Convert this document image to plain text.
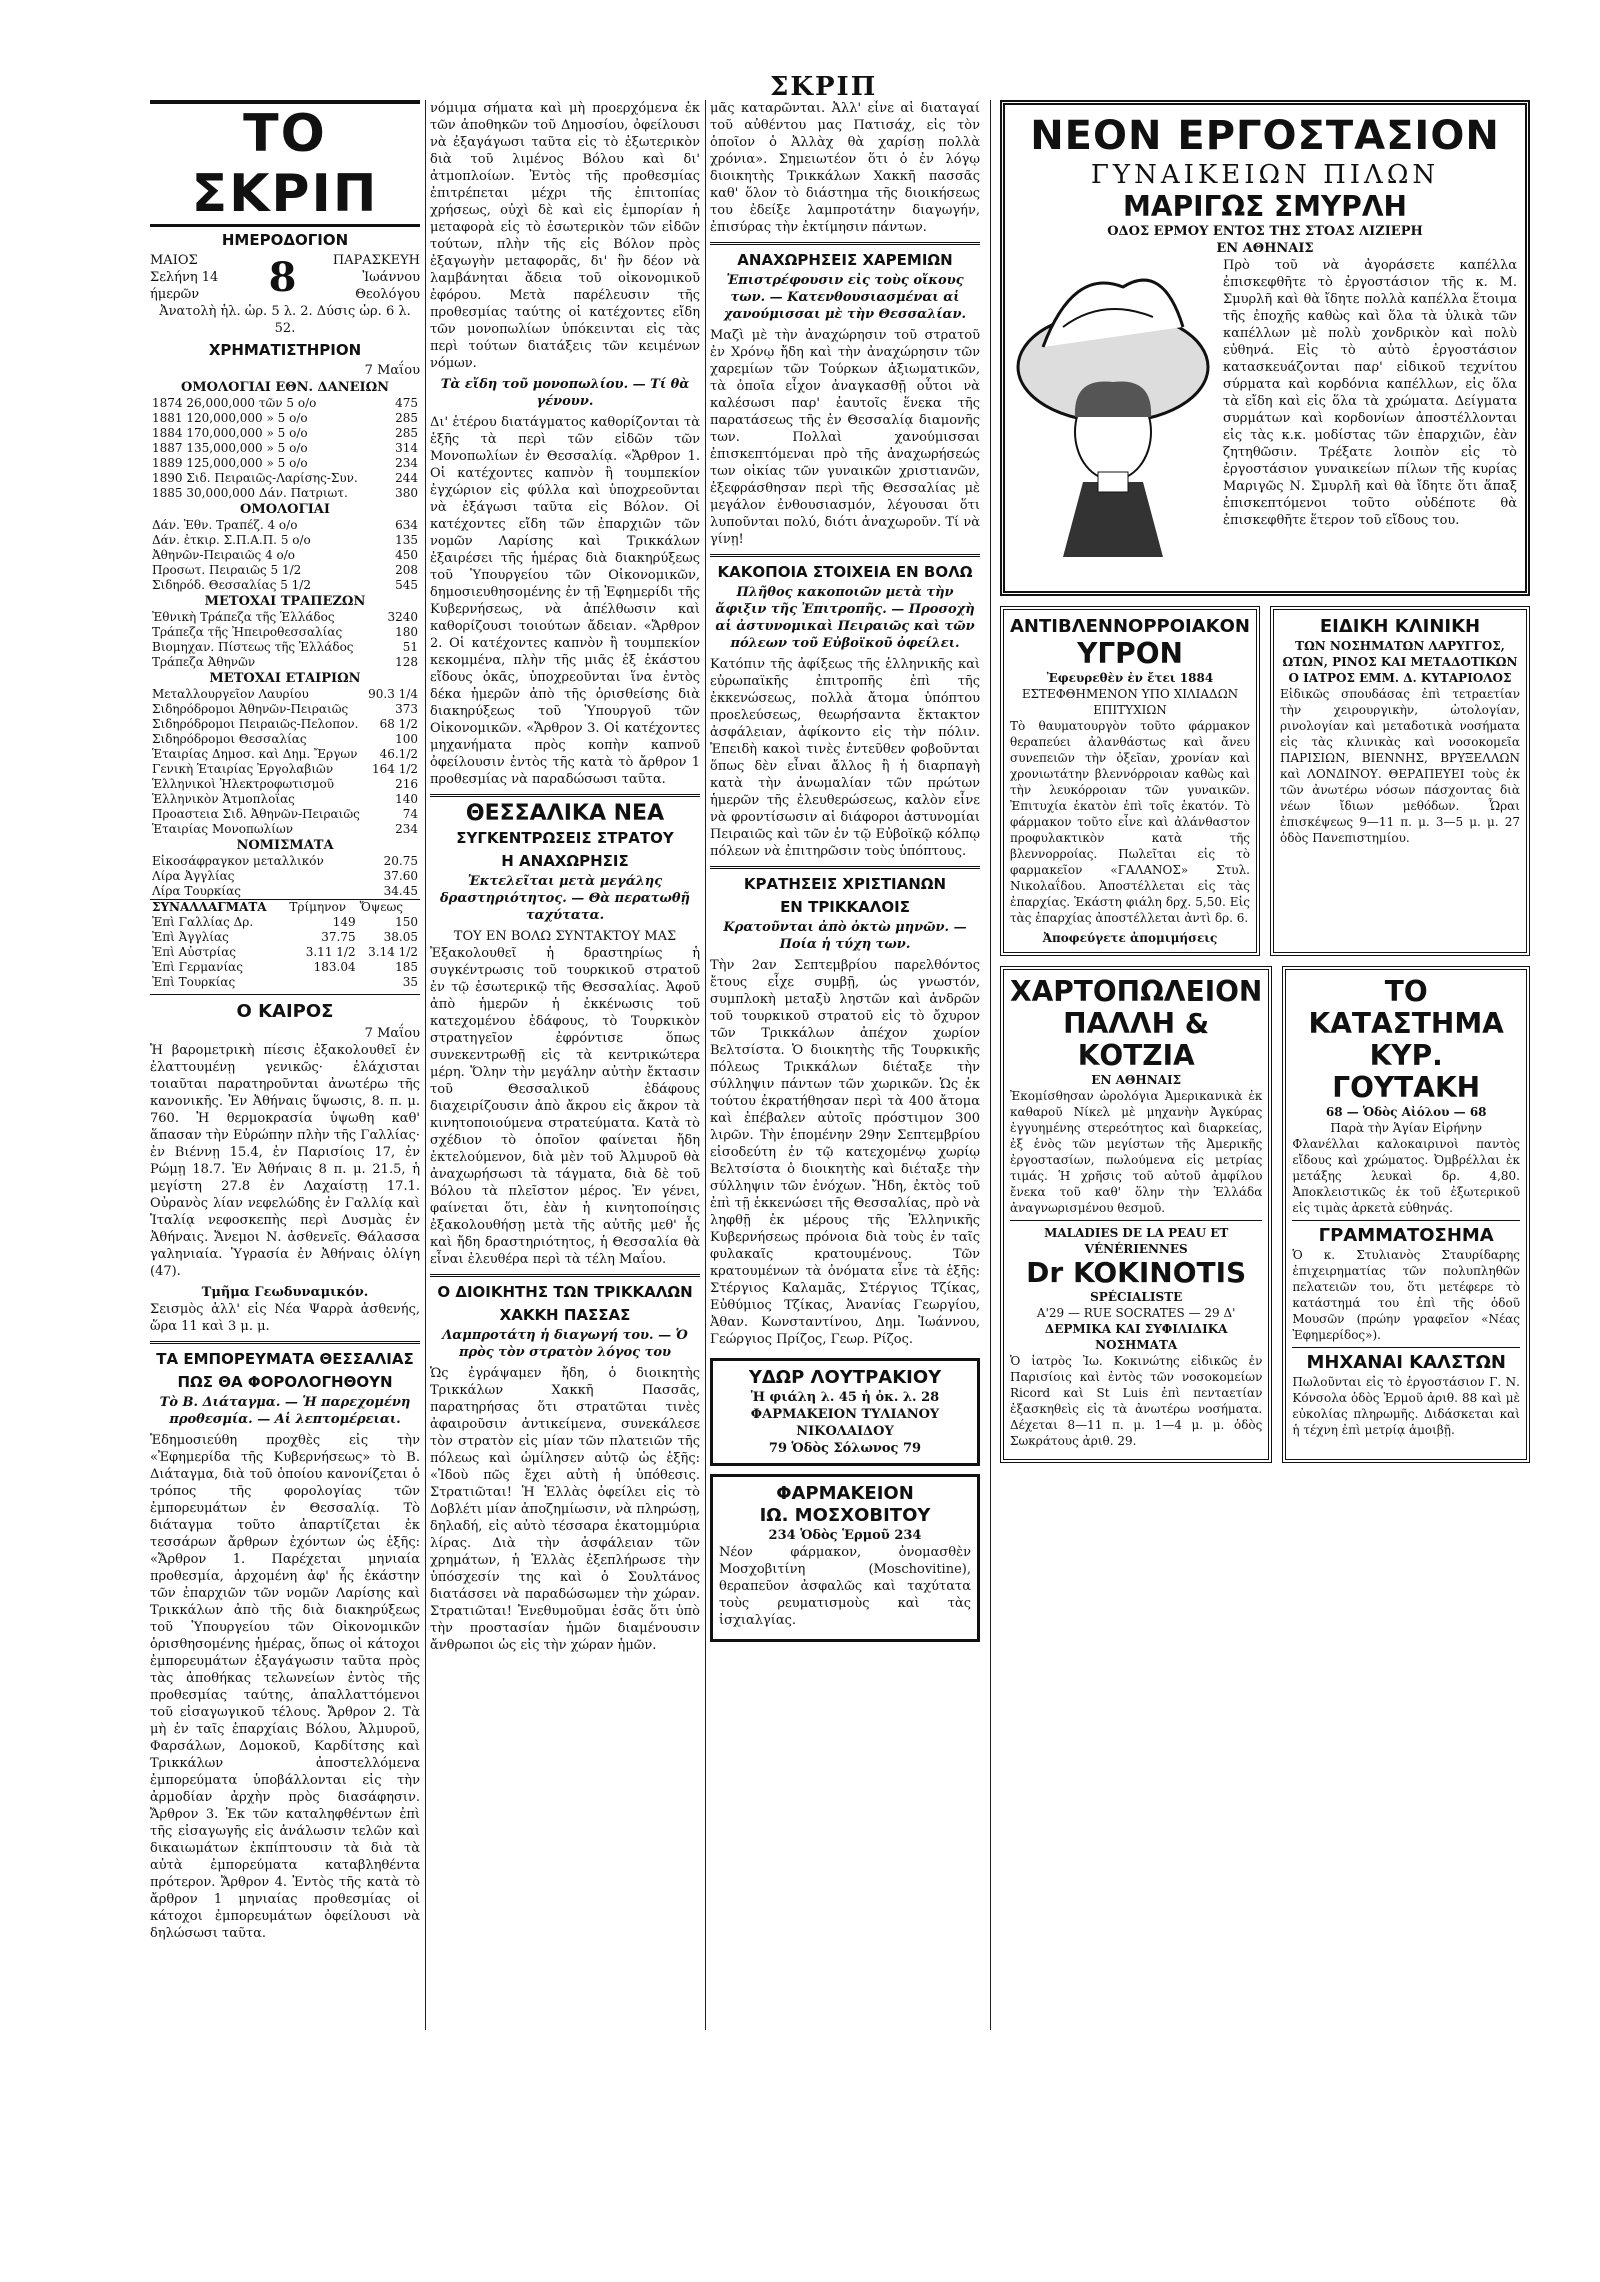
ΣΚΡΙΠ
ΤΟ ΣΚΡΙΠ
ΗΜΕΡΟΔΟΓΙΟΝ
ΜΑΙΟΣ
Σελήνη 14 ήμερῶν	8	ΠΑΡΑΣΚΕΥΗ
Ἰωάννου Θεολόγου
Ἀνατολὴ ἡλ. ὡρ. 5 λ. 2. Δύσις ὡρ. 6 λ. 52.
ΧΡΗΜΑΤΙΣΤΗΡΙΟΝ
7 Μαΐου
ΟΜΟΛΟΓΙΑΙ ΕΘΝ. ΔΑΝΕΙΩΝ
1874 26,000,000 τῶν 5 ο/ο	475
1881 120,000,000 » 5 ο/ο	285
1884 170,000,000 » 5 ο/ο	285
1887 135,000,000 » 5 ο/ο	314
1889 125,000,000 » 5 ο/ο	234
1890 Σιδ. Πειραιῶς-Λαρίσης-Συν.	244
1885 30,000,000 Δάν. Πατριωτ.	380
ΟΜΟΛΟΓΙΑΙ
Δάν. Ἐθν. Τραπέζ. 4 ο/ο	634
Δάν. ἐτκιρ. Σ.Π.Α.Π. 5 ο/ο	135
Ἀθηνῶν-Πειραιῶς 4 ο/ο	450
Προσωτ. Πειραιῶς 5 1/2	208
Σιδηρόδ. Θεσσαλίας 5 1/2	545
ΜΕΤΟΧΑΙ ΤΡΑΠΕΖΩΝ
Ἐθνικὴ Τράπεζα τῆς Ἑλλάδος	3240
Τράπεζα τῆς Ἠπειροθεσσαλίας	180
Βιομηχαν. Πίστεως τῆς Ἑλλάδος	51
Τράπεζα Ἀθηνῶν	128
ΜΕΤΟΧΑΙ ΕΤΑΙΡΙΩΝ
Μεταλλουργεῖον Λαυρίου	90.3 1/4
Σιδηρόδρομοι Ἀθηνῶν-Πειραιῶς	373
Σιδηρόδρομοι Πειραιῶς-Πελοπον.	68 1/2
Σιδηρόδρομοι Θεσσαλίας	100
Ἑταιρίας Δημοσ. καὶ Δημ. Ἔργων	46.1/2
Γενικὴ Ἑταιρίας Ἐργολαβιῶν	164 1/2
Ἑλληνικοὶ Ἠλεκτροφωτισμοῦ	216
Ἑλληνικὸν Ἀτμοπλοΐας	140
Προαστεια Σιδ. Ἀθηνῶν-Πειραιῶς	74
Ἑταιρίας Μονοπωλίων	234
ΝΟΜΙΣΜΑΤΑ
Εἰκοσάφραγκον μεταλλικόν	20.75
Λίρα Ἀγγλίας	37.60
Λίρα Τουρκίας	34.45
ΣΥΝΑΛΛΑΓΜΑΤΑ	Τρίμηνον	Ὄψεως
Ἐπὶ Γαλλίας Δρ.	149	150
Ἐπὶ Ἀγγλίας	37.75	38.05
Ἐπὶ Αὐστρίας	3.11 1/2	3.14 1/2
Ἐπὶ Γερμανίας	183.04	185
Ἐπὶ Τουρκίας		35
Ο ΚΑΙΡΟΣ
7 Μαΐου

Ἡ βαρομετρικὴ πίεσις ἐξακολουθεῖ ἐν ἐλαττουμένῃ γενικῶς· ἐλάχισται τοιαῦται παρατηροῦνται ἀνωτέρω τῆς κανονικῆς. Ἐν Ἀθήναις ὕψωσις, 8. π. μ. 760. Ἡ θερμοκρασία ὑψωθη καθ' ἅπασαν τὴν Εὐρώπην πλὴν τῆς Γαλλίας· ἐν Βιέννῃ 15.4, ἐν Παρισίοις 17, ἐν Ρώμῃ 18.7. Ἐν Ἀθήναις 8 π. μ. 21.5, ἡ μεγίστη 27.8 ἐν Λαχαίστῃ 17.1. Οὐρανὸς λίαν νεφελώδης ἐν Γαλλίᾳ καὶ Ἰταλίᾳ νεφοσκεπὴς περὶ Δυσμὰς ἐν Ἀθήναις. Ἄνεμοι Ν. ἀσθενεῖς. Θάλασσα γαληνιαία. Ὑγρασία ἐν Ἀθήναις ὀλίγη (47).

Τμῆμα Γεωδυναμικόν.

Σεισμὸς ἀλλ' εἰς Νέα Ψαρρὰ ἀσθενής, ὥρα 11 καὶ 3 μ. μ.

ΤΑ ΕΜΠΟΡΕΥΜΑΤΑ ΘΕΣΣΑΛΙΑΣ
ΠΩΣ ΘΑ ΦΟΡΟΛΟΓΗΘΟΥΝ
Τὸ Β. Διάταγμα. — Ἡ παρεχομένη προθεσμία. — Αἱ λεπτομέρειαι.

Ἐδημοσιεύθη προχθὲς εἰς τὴν «Ἐφημερίδα τῆς Κυβερνήσεως» τὸ Β. Διάταγμα, διὰ τοῦ ὁποίου κανονίζεται ὁ τρόπος τῆς φορολογίας τῶν ἐμπορευμάτων ἐν Θεσσαλίᾳ. Τὸ διάταγμα τοῦτο ἀπαρτίζεται ἐκ τεσσάρων ἄρθρων ἐχόντων ὡς ἑξῆς: «Ἄρθρον 1. Παρέχεται μηνιαία προθεσμία, ἀρχομένη ἀφ' ἧς ἑκάστην τῶν ἐπαρχιῶν τῶν νομῶν Λαρίσης καὶ Τρικκάλων ἀπὸ τῆς διὰ διακηρύξεως τοῦ Ὑπουργείου τῶν Οἰκονομικῶν ὁρισθησομένης ἡμέρας, ὅπως οἱ κάτοχοι ἐμπορευμάτων ἐξαγάγωσιν ταῦτα πρὸς τὰς ἀποθήκας τελωνείων ἐντὸς τῆς προθεσμίας ταύτης, ἀπαλλαττόμενοι τοῦ εἰσαγωγικοῦ τέλους. Ἄρθρον 2. Τὰ μὴ ἐν ταῖς ἐπαρχίαις Βόλου, Ἀλμυροῦ, Φαρσάλων, Δομοκοῦ, Καρδίτσης καὶ Τρικκάλων ἀποστελλόμενα ἐμπορεύματα ὑποβάλλονται εἰς τὴν ἀρμοδίαν ἀρχὴν πρὸς διασάφησιν. Ἄρθρον 3. Ἐκ τῶν καταληφθέντων ἐπὶ τῆς εἰσαγωγῆς εἰς ἀνάλωσιν τελῶν καὶ δικαιωμάτων ἐκπίπτουσιν τὰ διὰ τὰ αὐτὰ ἐμπορεύματα καταβληθέντα πρότερον. Ἄρθρον 4. Ἐντὸς τῆς κατὰ τὸ ἄρθρον 1 μηνιαίας προθεσμίας οἱ κάτοχοι ἐμπορευμάτων ὀφείλουσι νὰ δηλώσωσι ταῦτα.

νόμιμα σήματα καὶ μὴ προερχόμενα ἐκ τῶν ἀποθηκῶν τοῦ Δημοσίου, ὀφείλουσι νὰ ἐξαγάγωσι ταῦτα εἰς τὸ ἐξωτερικὸν διὰ τοῦ λιμένος Βόλου καὶ δι' ἀτμοπλοίων. Ἐντὸς τῆς προθεσμίας ἐπιτρέπεται μέχρι τῆς ἐπιτοπίας χρήσεως, οὐχὶ δὲ καὶ εἰς ἐμπορίαν ἡ μεταφορὰ εἰς τὸ ἐσωτερικὸν τῶν εἰδῶν τούτων, πλὴν τῆς εἰς Βόλον πρὸς ἐξαγωγὴν μεταφορᾶς, δι' ἣν δέον νὰ λαμβάνηται ἄδεια τοῦ οἰκονομικοῦ ἐφόρου. Μετὰ παρέλευσιν τῆς προθεσμίας ταύτης οἱ κατέχοντες εἴδη τῶν μονοπωλίων ὑπόκεινται εἰς τὰς περὶ τούτων διατάξεις τῶν κειμένων νόμων.

Τὰ εἴδη τοῦ μονοπωλίου. — Τί θὰ γένουν.

Δι' ἑτέρου διατάγματος καθορίζονται τὰ ἑξῆς τὰ περὶ τῶν εἰδῶν τῶν Μονοπωλίων ἐν Θεσσαλίᾳ. «Ἄρθρον 1. Οἱ κατέχοντες καπνὸν ἢ τουμπεκίον ἐγχώριον εἰς φύλλα καὶ ὑποχρεοῦνται νὰ ἐξάγωσι ταῦτα εἰς Βόλον. Οἱ κατέχοντες εἴδη τῶν ἐπαρχιῶν τῶν νομῶν Λαρίσης καὶ Τρικκάλων ἐξαιρέσει τῆς ἡμέρας διὰ διακηρύξεως τοῦ Ὑπουργείου τῶν Οἰκονομικῶν, δημοσιευθησομένης ἐν τῇ Ἐφημερίδι τῆς Κυβερνήσεως, νὰ ἀπέλθωσιν καὶ καθορίζουσι τοιούτων ἄδειαν. «Ἄρθρον 2. Οἱ κατέχοντες καπνὸν ἢ τουμπεκίον κεκομμένα, πλὴν τῆς μιᾶς ἐξ ἑκάστου εἴδους ὀκᾶς, ὑποχρεοῦνται ἵνα ἐντὸς δέκα ἡμερῶν ἀπὸ τῆς ὁρισθείσης διὰ διακηρύξεως τοῦ Ὑπουργοῦ τῶν Οἰκονομικῶν. «Ἄρθρον 3. Οἱ κατέχοντες μηχανήματα πρὸς κοπὴν καπνοῦ ὀφείλουσιν ἐντὸς τῆς κατὰ τὸ ἄρθρον 1 προθεσμίας νὰ παραδώσωσι ταῦτα.

ΘΕΣΣΑΛΙΚΑ ΝΕΑ
ΣΥΓΚΕΝΤΡΩΣΕΙΣ ΣΤΡΑΤΟΥ
Η ΑΝΑΧΩΡΗΣΙΣ
Ἐκτελεῖται μετὰ μεγάλης δραστηριότητος. — Θὰ περατωθῇ ταχύτατα.
ΤΟΥ ΕΝ ΒΟΛΩ ΣΥΝΤΑΚΤΟΥ ΜΑΣ

Ἐξακολουθεῖ ἡ δραστηρίως ἡ συγκέντρωσις τοῦ τουρκικοῦ στρατοῦ ἐν τῷ ἐσωτερικῷ τῆς Θεσσαλίας. Ἀφοῦ ἀπὸ ἡμερῶν ἡ ἐκκένωσις τοῦ κατεχομένου ἐδάφους, τὸ Τουρκικὸν στρατηγεῖον ἐφρόντισε ὅπως συνεκεντρωθῇ εἰς τὰ κεντρικώτερα μέρη. Ὅλην τὴν μεγάλην αὐτὴν ἔκτασιν τοῦ Θεσσαλικοῦ ἐδάφους διαχειρίζουσιν ἀπὸ ἄκρου εἰς ἄκρον τὰ κινητοποιούμενα στρατεύματα. Κατὰ τὸ σχέδιον τὸ ὁποῖον φαίνεται ἤδη ἐκτελούμενον, διὰ μὲν τοῦ Ἀλμυροῦ θὰ ἀναχωρήσωσι τὰ τάγματα, διὰ δὲ τοῦ Βόλου τὰ πλεῖστον μέρος. Ἐν γένει, φαίνεται ὅτι, ἐὰν ἡ κινητοποίησις ἐξακολουθήσῃ μετὰ τῆς αὐτῆς μεθ' ἧς καὶ ἤδη δραστηριότητος, ἡ Θεσσαλία θὰ εἶναι ἐλευθέρα περὶ τὰ τέλη Μαΐου.

Ο ΔΙΟΙΚΗΤΗΣ ΤΩΝ ΤΡΙΚΚΑΛΩΝ
ΧΑΚΚΗ ΠΑΣΣΑΣ
Λαμπροτάτη ἡ διαγωγή του. — Ὁ πρὸς τὸν στρατὸν λόγος του

Ὡς ἐγράψαμεν ἤδη, ὁ διοικητὴς Τρικκάλων Χακκῆ Πασσᾶς, παρατηρήσας ὅτι στρατῶται τινὲς ἀφαιροῦσιν ἀντικείμενα, συνεκάλεσε τὸν στρατὸν εἰς μίαν τῶν πλατειῶν τῆς πόλεως καὶ ὡμίλησεν αὐτῷ ὡς ἑξῆς: «Ἰδοὺ πῶς ἔχει αὐτὴ ἡ ὑπόθεσις. Στρατιῶται! Ἡ Ἑλλὰς ὀφείλει εἰς τὸ Δοβλέτι μίαν ἀποζημίωσιν, νὰ πληρώσῃ, δηλαδή, εἰς αὐτὸ τέσσαρα ἑκατομμύρια λίρας. Διὰ τὴν ἀσφάλειαν τῶν χρημάτων, ἡ Ἑλλὰς ἐξεπλήρωσε τὴν ὑπόσχεσίν της καὶ ὁ Σουλτάνος διατάσσει νὰ παραδώσωμεν τὴν χώραν. Στρατιῶται! Ἐνεθυμοῦμαι ἐσᾶς ὅτι ὑπὸ τὴν προστασίαν ἡμῶν διαμένουσιν ἄνθρωποι ὡς εἰς τὴν χώραν ἡμῶν.

μᾶς καταρῶνται. Ἀλλ' εἶνε αἱ διαταγαί τοῦ αὐθέντου μας Πατισάχ, εἰς τὸν ὁποῖον ὁ Ἀλλὰχ θὰ χαρίσῃ πολλὰ χρόνια». Σημειωτέον ὅτι ὁ ἐν λόγῳ διοικητὴς Τρικκάλων Χακκῆ πασσᾶς καθ' ὅλον τὸ διάστημα τῆς διοικήσεως του ἐδείξε λαμπροτάτην διαγωγήν, ἐπισύρας τὴν ἐκτίμησιν πάντων.

ΑΝΑΧΩΡΗΣΕΙΣ ΧΑΡΕΜΙΩΝ
Ἐπιστρέφουσιν εἰς τοὺς οἴκους των. — Κατενθουσιασμέναι αἱ χανούμισσαι μὲ τὴν Θεσσαλίαν.

Μαζὶ μὲ τὴν ἀναχώρησιν τοῦ στρατοῦ ἐν Χρόνῳ ἤδη καὶ τὴν ἀναχώρησιν τῶν χαρεμίων τῶν Τούρκων ἀξιωματικῶν, τὰ ὁποῖα εἶχον ἀναγκασθῇ οὗτοι νὰ καλέσωσι παρ' ἑαυτοῖς ἕνεκα τῆς παρατάσεως τῆς ἐν Θεσσαλίᾳ διαμονῆς των. Πολλαὶ χανούμισσαι ἐπισκεπτόμεναι πρὸ τῆς ἀναχωρήσεώς των οἰκίας τῶν γυναικῶν χριστιανῶν, ἐξεφράσθησαν περὶ τῆς Θεσσαλίας μὲ μεγάλον ἐνθουσιασμόν, λέγουσαι ὅτι λυποῦνται πολύ, διότι ἀναχωροῦν. Τί νὰ γίνῃ!

ΚΑΚΟΠΟΙΑ ΣΤΟΙΧΕΙΑ ΕΝ ΒΟΛΩ
Πλῆθος κακοποιῶν μετὰ τὴν ἄφιξιν τῆς Ἐπιτροπῆς. — Προσοχὴ αἱ ἀστυνομικαὶ Πειραιῶς καὶ τῶν πόλεων τοῦ Εὐβοϊκοῦ ὀφείλει.

Κατόπιν τῆς ἀφίξεως τῆς ἑλληνικῆς καὶ εὐρωπαϊκῆς ἐπιτροπῆς ἐπὶ τῆς ἐκκενώσεως, πολλὰ ἄτομα ὑπόπτου προελεύσεως, θεωρήσαντα ἔκτακτον ἀσφάλειαν, ἀφίκοντο εἰς τὴν πόλιν. Ἐπειδὴ κακοὶ τινὲς ἐντεῦθεν φοβοῦνται ὅπως δὲν εἶναι ἄλλος ἢ ἡ διαρπαγὴ κατὰ τὴν ἀνωμαλίαν τῶν πρώτων ἡμερῶν τῆς ἐλευθερώσεως, καλὸν εἶνε νὰ φροντίσωσιν αἱ διάφοροι ἀστυνομίαι Πειραιῶς καὶ τῶν ἐν τῷ Εὐβοϊκῷ κόλπῳ πόλεων νὰ ἐπιτηρῶσιν τοὺς ὑπόπτους.

ΚΡΑΤΗΣΕΙΣ ΧΡΙΣΤΙΑΝΩΝ
ΕΝ ΤΡΙΚΚΑΛΟΙΣ
Κρατοῦνται ἀπὸ ὀκτὼ μηνῶν. — Ποία ἡ τύχη των.

Τὴν 2αν Σεπτεμβρίου παρελθόντος ἔτους εἶχε συμβῇ, ὡς γνωστόν, συμπλοκὴ μεταξὺ ληστῶν καὶ ἀνδρῶν τοῦ τουρκικοῦ στρατοῦ εἰς τὸ ὄχυρον τῶν Τρικκάλων ἀπέχον χωρίον Βελτσίστα. Ὁ διοικητὴς τῆς Τουρκικῆς πόλεως Τρικκάλων διέταξε τὴν σύλληψιν πάντων τῶν χωρικῶν. Ὡς ἐκ τούτου ἐκρατήθησαν περὶ τὰ 400 ἄτομα καὶ ἐπέβαλεν αὐτοῖς πρόστιμον 300 λιρῶν. Τὴν ἑπομένην 29ην Σεπτεμβρίου εἰσοδεύτη ἐν τῷ κατεχομένῳ χωρίῳ Βελτσίστα ὁ διοικητὴς καὶ διέταξε τὴν σύλληψιν τῶν ἐνόχων. Ἤδη, ἐκτὸς τοῦ ἐπὶ τῇ ἐκκενώσει τῆς Θεσσαλίας, πρὸ νὰ ληφθῇ ἐκ μέρους τῆς Ἑλληνικῆς Κυβερνήσεως πρόνοια διὰ τοὺς ἐν ταῖς φυλακαῖς κρατουμένους. Τῶν κρατουμένων τὰ ὀνόματα εἶνε τὰ ἑξῆς: Στέργιος Καλαμᾶς, Στέργιος Τζίκας, Εὐθύμιος Τζίκας, Ἀνανίας Γεωργίου, Ἀθαν. Κωνσταντίνου, Δημ. Ἰωάννου, Γεώργιος Πρίζος, Γεωρ. Ρίζος.

ΥΔΩΡ ΛΟΥΤΡΑΚΙΟΥ
Ἡ φιάλη λ. 45 ἡ ὀκ. λ. 28
ΦΑΡΜΑΚΕΙΟΝ ΤΥΛΙΑΝΟΥ ΝΙΚΟΛΑΙΔΟΥ
79 Ὁδὸς Σόλωνος 79
ΦΑΡΜΑΚΕΙΟΝ
ΙΩ. ΜΟΣΧΟΒΙΤΟΥ
234 Ὁδὸς Ἑρμοῦ 234

Νέον φάρμακον, ὀνομασθὲν Μοσχοβιτίνη (Moschovitine), θεραπεῦον ἀσφαλῶς καὶ ταχύτατα τοὺς ρευματισμοὺς καὶ τὰς ἰσχιαλγίας.

ΝΕΟΝ ΕΡΓΟΣΤΑΣΙΟΝ
ΓΥΝΑΙΚΕΙΩΝ ΠΙΛΩΝ
ΜΑΡΙΓΩΣ ΣΜΥΡΛΗ
ΟΔΟΣ ΕΡΜΟΥ ΕΝΤΟΣ ΤΗΣ ΣΤΟΑΣ ΛΙΖΙΕΡΗ
ΕΝ ΑΘΗΝΑΙΣ

Πρὸ τοῦ νὰ ἀγοράσετε καπέλλα ἐπισκεφθῆτε τὸ ἐργοστάσιον τῆς κ. Μ. Σμυρλῆ καὶ θὰ ἴδητε πολλὰ καπέλλα ἕτοιμα τῆς ἐποχῆς καθὼς καὶ ὅλα τὰ ὑλικὰ τῶν καπέλλων μὲ πολὺ χονδρικὸν καὶ πολὺ εὐθηνά. Εἰς τὸ αὐτὸ ἐργοστάσιον κατασκευάζονται παρ' εἰδικοῦ τεχνίτου σύρματα καὶ κορδόνια καπέλλων, εἰς ὅλα τὰ εἴδη καὶ εἰς ὅλα τὰ χρώματα. Δείγματα συρμάτων καὶ κορδονίων ἀποστέλλονται εἰς τὰς κ.κ. μοδίστας τῶν ἐπαρχιῶν, ἐὰν ζητηθῶσιν. Τρέξατε λοιπὸν εἰς τὸ ἐργοστάσιον γυναικείων πίλων τῆς κυρίας Μαριγῶς Ν. Σμυρλῆ καὶ θὰ ἴδητε ὅτι ἅπαξ ἐπισκεπτόμενοι τοῦτο οὐδέποτε θὰ ἐπισκεφθῆτε ἕτερον τοῦ εἴδους του.

ΑΝΤΙΒΛΕΝΝΟΡΡΟΙΑΚΟΝ
ΥΓΡΟΝ
Ἐφευρεθὲν ἐν ἔτει 1884
ΕΣΤΕΦΘΗΜΕΝΟΝ ΥΠΟ ΧΙΛΙΑΔΩΝ ΕΠΙΤΥΧΙΩΝ

Τὸ θαυματουργὸν τοῦτο φάρμακον θεραπεύει ἀλανθάστως καὶ ἄνευ συνεπειῶν τὴν ὀξεῖαν, χρονίαν καὶ χρονιωτάτην βλεννόρροιαν καθὼς καὶ τὴν λευκόρροιαν τῶν γυναικῶν. Ἐπιτυχία ἑκατὸν ἐπὶ τοῖς ἑκατόν. Τὸ φάρμακον τοῦτο εἶνε καὶ ἀλάνθαστον προφυλακτικὸν κατὰ τῆς βλεννορροίας. Πωλεῖται εἰς τὸ φαρμακεῖον «ΓΑΛΑΝΟΣ» Στυλ. Νικολαΐδου. Ἀποστέλλεται εἰς τὰς ἐπαρχίας. Ἑκάστη φιάλη δρχ. 5,50. Εἰς τὰς ἐπαρχίας ἀποστέλλεται ἀντὶ δρ. 6.

Ἀποφεύγετε ἀπομιμήσεις
ΕΙΔΙΚΗ ΚΛΙΝΙΚΗ
ΤΩΝ ΝΟΣΗΜΑΤΩΝ ΛΑΡΥΓΓΟΣ, ΩΤΩΝ, ΡΙΝΟΣ ΚΑΙ ΜΕΤΑΔΟΤΙΚΩΝ
Ο ΙΑΤΡΟΣ ΕΜΜ. Δ. ΚΥΤΑΡΙΟΛΟΣ

Εἰδικῶς σπουδάσας ἐπὶ τετραετίαν τὴν χειρουργικὴν, ὠτολογίαν, ρινολογίαν καὶ μεταδοτικὰ νοσήματα εἰς τὰς κλινικὰς καὶ νοσοκομεῖα ΠΑΡΙΣΙΩΝ, ΒΙΕΝΝΗΣ, ΒΡΥΞΕΛΛΩΝ καὶ ΛΟΝΔΙΝΟΥ. ΘΕΡΑΠΕΥΕΙ τοὺς ἐκ τῶν ἀνωτέρω νόσων πάσχοντας διὰ νέων ἴδιων μεθόδων. Ὧραι ἐπισκέψεως 9—11 π. μ. 3—5 μ. μ. 27 ὁδὸς Πανεπιστημίου.

ΧΑΡΤΟΠΩΛΕΙΟΝ
ΠΑΛΛΗ & ΚΟΤΖΙΑ
ΕΝ ΑΘΗΝΑΙΣ

Ἐκομίσθησαν ὡρολόγια Ἀμερικανικὰ ἐκ καθαροῦ Νίκελ μὲ μηχανὴν Ἀγκύρας ἐγγυημένης στερεότητος καὶ διαρκείας, ἐξ ἑνὸς τῶν μεγίστων τῆς Ἀμερικῆς ἐργοστασίων, πωλούμενα εἰς μετρίας τιμάς. Ἡ χρῆσις τοῦ αὐτοῦ ἀμφίλου ἔνεκα τοῦ καθ' ὅλην τὴν Ἑλλάδα ἀναγνωρισμένου θεσμοῦ.

MALADIES DE LA PEAU ET VÉNÉRIENNES
Dr KOKINOTIS
SPÉCIALISTE
Α'29 — RUE SOCRATES — 29 Δ'
ΔΕΡΜΙΚΑ ΚΑΙ ΣΥΦΙΛΙΔΙΚΑ ΝΟΣΗΜΑΤΑ

Ὁ ἰατρὸς Ἰω. Κοκινώτης εἰδικῶς ἐν Παρισίοις καὶ ἐντὸς τῶν νοσοκομείων Ricord καὶ St Luis ἐπὶ πενταετίαν ἐξασκηθεὶς εἰς τὰ ἀνωτέρω νοσήματα. Δέχεται 8—11 π. μ. 1—4 μ. μ. ὁδὸς Σωκράτους ἀριθ. 29.

ΤΟ ΚΑΤΑΣΤΗΜΑ
ΚΥΡ. ΓΟΥΤΑΚΗ
68 — Ὁδὸς Αἰόλου — 68
Παρὰ τὴν Ἁγίαν Εἰρήνην

Φλανέλλαι καλοκαιρινοὶ παντὸς εἴδους καὶ χρώματος. Ὀμβρέλλαι ἐκ μετάξης λευκαὶ δρ. 4,80. Ἀποκλειστικῶς ἐκ τοῦ ἐξωτερικοῦ εἰς τιμὰς ἀρκετὰ εὐθηνάς.

ΓΡΑΜΜΑΤΟΣΗΜΑ

Ὁ κ. Στυλιανὸς Σταυρίδαρης ἐπιχειρηματίας τῶν πολυπληθῶν πελατειῶν του, ὅτι μετέφερε τὸ κατάστημά του ἐπὶ τῆς ὁδοῦ Μουσῶν (πρώην γραφεῖον «Νέας Ἐφημερίδος»).

ΜΗΧΑΝΑΙ ΚΑΛΣΤΩΝ

Πωλοῦνται εἰς τὸ ἐργοστάσιον Γ. Ν. Κόνσολα ὁδὸς Ἑρμοῦ ἀριθ. 88 καὶ μὲ εὐκολίας πληρωμῆς. Διδάσκεται καὶ ἡ τέχνη ἐπὶ μετρίᾳ ἀμοιβῇ.
